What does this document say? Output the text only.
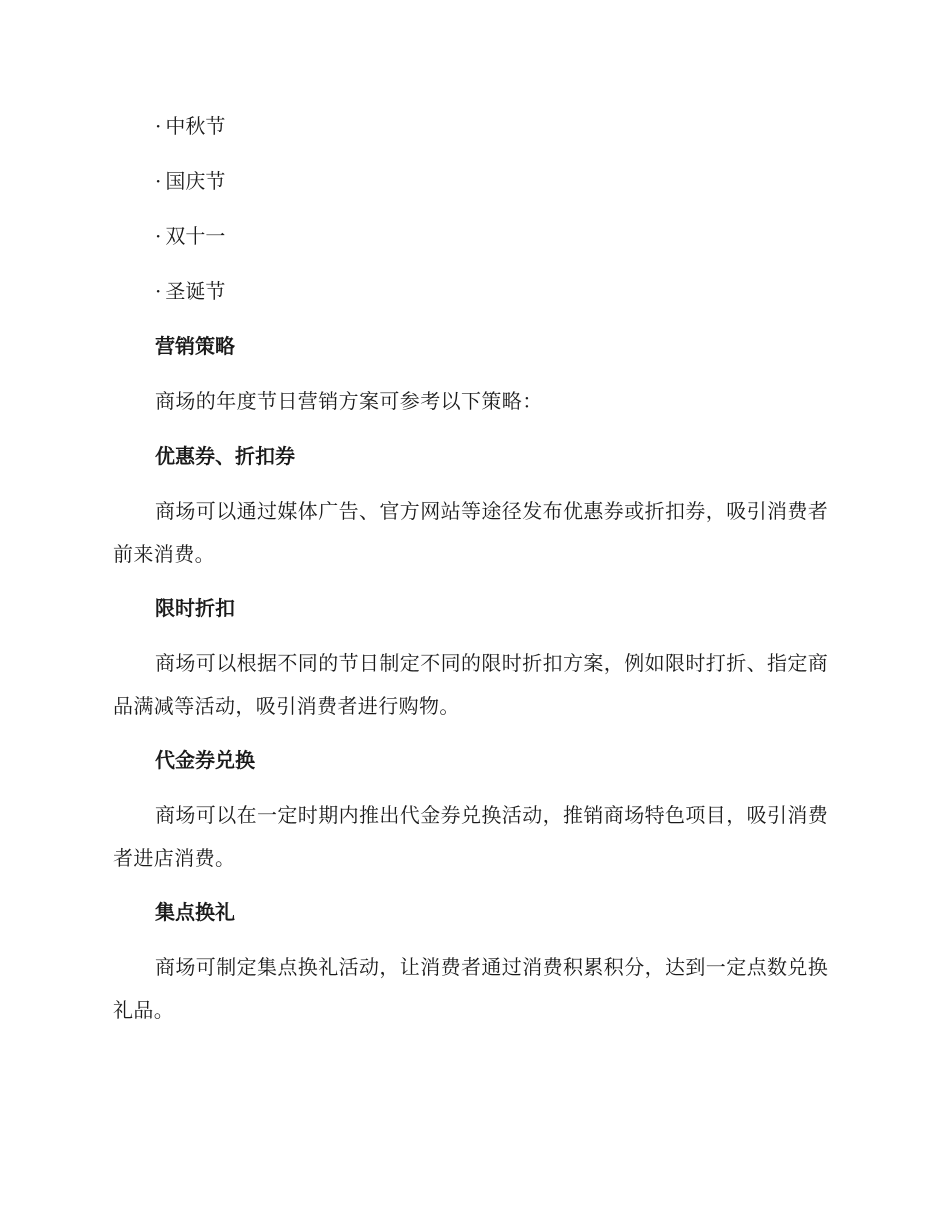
· 中秋节
· 国庆节
· 双十一
· 圣诞节
营销策略

商场的年度节日营销方案可参考以下策略：

优惠券、折扣券

商场可以通过媒体广告、官方网站等途径发布优惠券或折扣券，吸引消费者前来消费。

限时折扣

商场可以根据不同的节日制定不同的限时折扣方案，例如限时打折、指定商品满减等活动，吸引消费者进行购物。

代金券兑换

商场可以在一定时期内推出代金券兑换活动，推销商场特色项目，吸引消费者进店消费。

集点换礼

商场可制定集点换礼活动，让消费者通过消费积累积分，达到一定点数兑换礼品。
